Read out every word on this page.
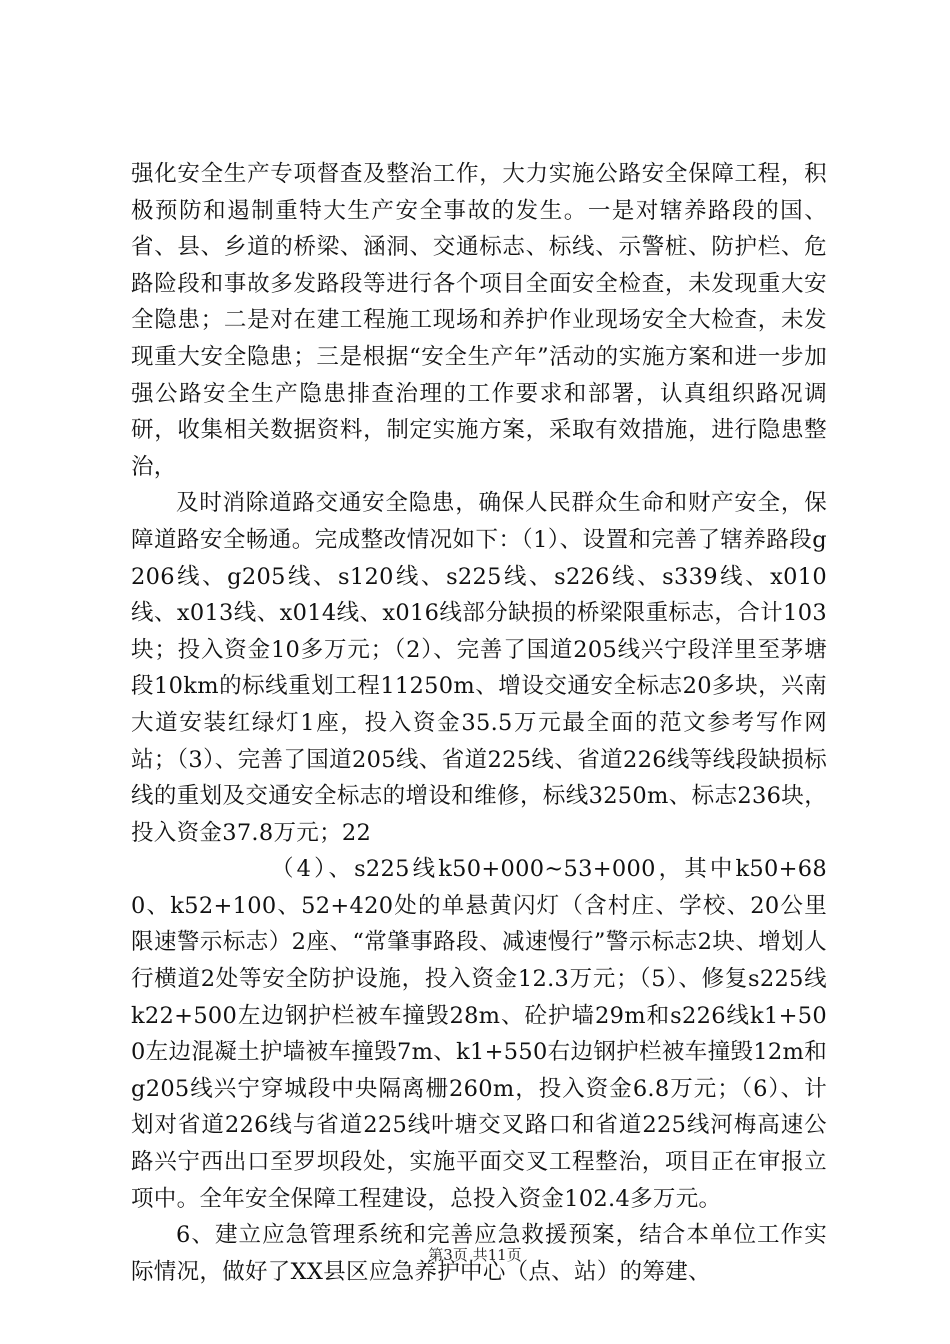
强化安全生产专项督查及整治工作，大力实施公路安全保障工程，积极预防和遏制重特大生产安全事故的发生。一是对辖养路段的国、省、县、乡道的桥梁、涵洞、交通标志、标线、示警桩、防护栏、危路险段和事故多发路段等进行各个项目全面安全检查，未发现重大安全隐患；二是对在建工程施工现场和养护作业现场安全大检查，未发现重大安全隐患；三是根据“安全生产年”活动的实施方案和进一步加强公路安全生产隐患排查治理的工作要求和部署，认真组织路况调研，收集相关数据资料，制定实施方案，采取有效措施，进行隐患整治，

及时消除道路交通安全隐患，确保人民群众生命和财产安全，保障道路安全畅通。完成整改情况如下：（1）、设置和完善了辖养路段g206线、g205线、s120线、s225线、s226线、s339线、x010线、x013线、x014线、x016线部分缺损的桥梁限重标志，合计103块；投入资金10多万元；（2）、完善了国道205线兴宁段洋里至茅塘段10km的标线重划工程11250m、增设交通安全标志20多块，兴南大道安装红绿灯1座，投入资金35.5万元最全面的范文参考写作网站；（3）、完善了国道205线、省道225线、省道226线等线段缺损标线的重划及交通安全标志的增设和维修，标线3250m、标志236块，投入资金37.8万元；22

（4）、s225线k50+000~53+000，其中k50+680、k52+100、52+420处的单悬黄闪灯（含村庄、学校、20公里限速警示标志）2座、“常肇事路段、减速慢行”警示标志2块、增划人行横道2处等安全防护设施，投入资金12.3万元；（5）、修复s225线k22+500左边钢护栏被车撞毁28m、砼护墙29m和s226线k1+500左边混凝土护墙被车撞毁7m、k1+550右边钢护栏被车撞毁12m和g205线兴宁穿城段中央隔离栅260m，投入资金6.8万元；（6）、计划对省道226线与省道225线叶塘交叉路口和省道225线河梅高速公路兴宁西出口至罗坝段处，实施平面交叉工程整治，项目正在审报立项中。全年安全保障工程建设，总投入资金102.4多万元。

6、建立应急管理系统和完善应急救援预案，结合本单位工作实际情况，做好了XX县区应急养护中心（点、站）的筹建、

第3页 共11页
